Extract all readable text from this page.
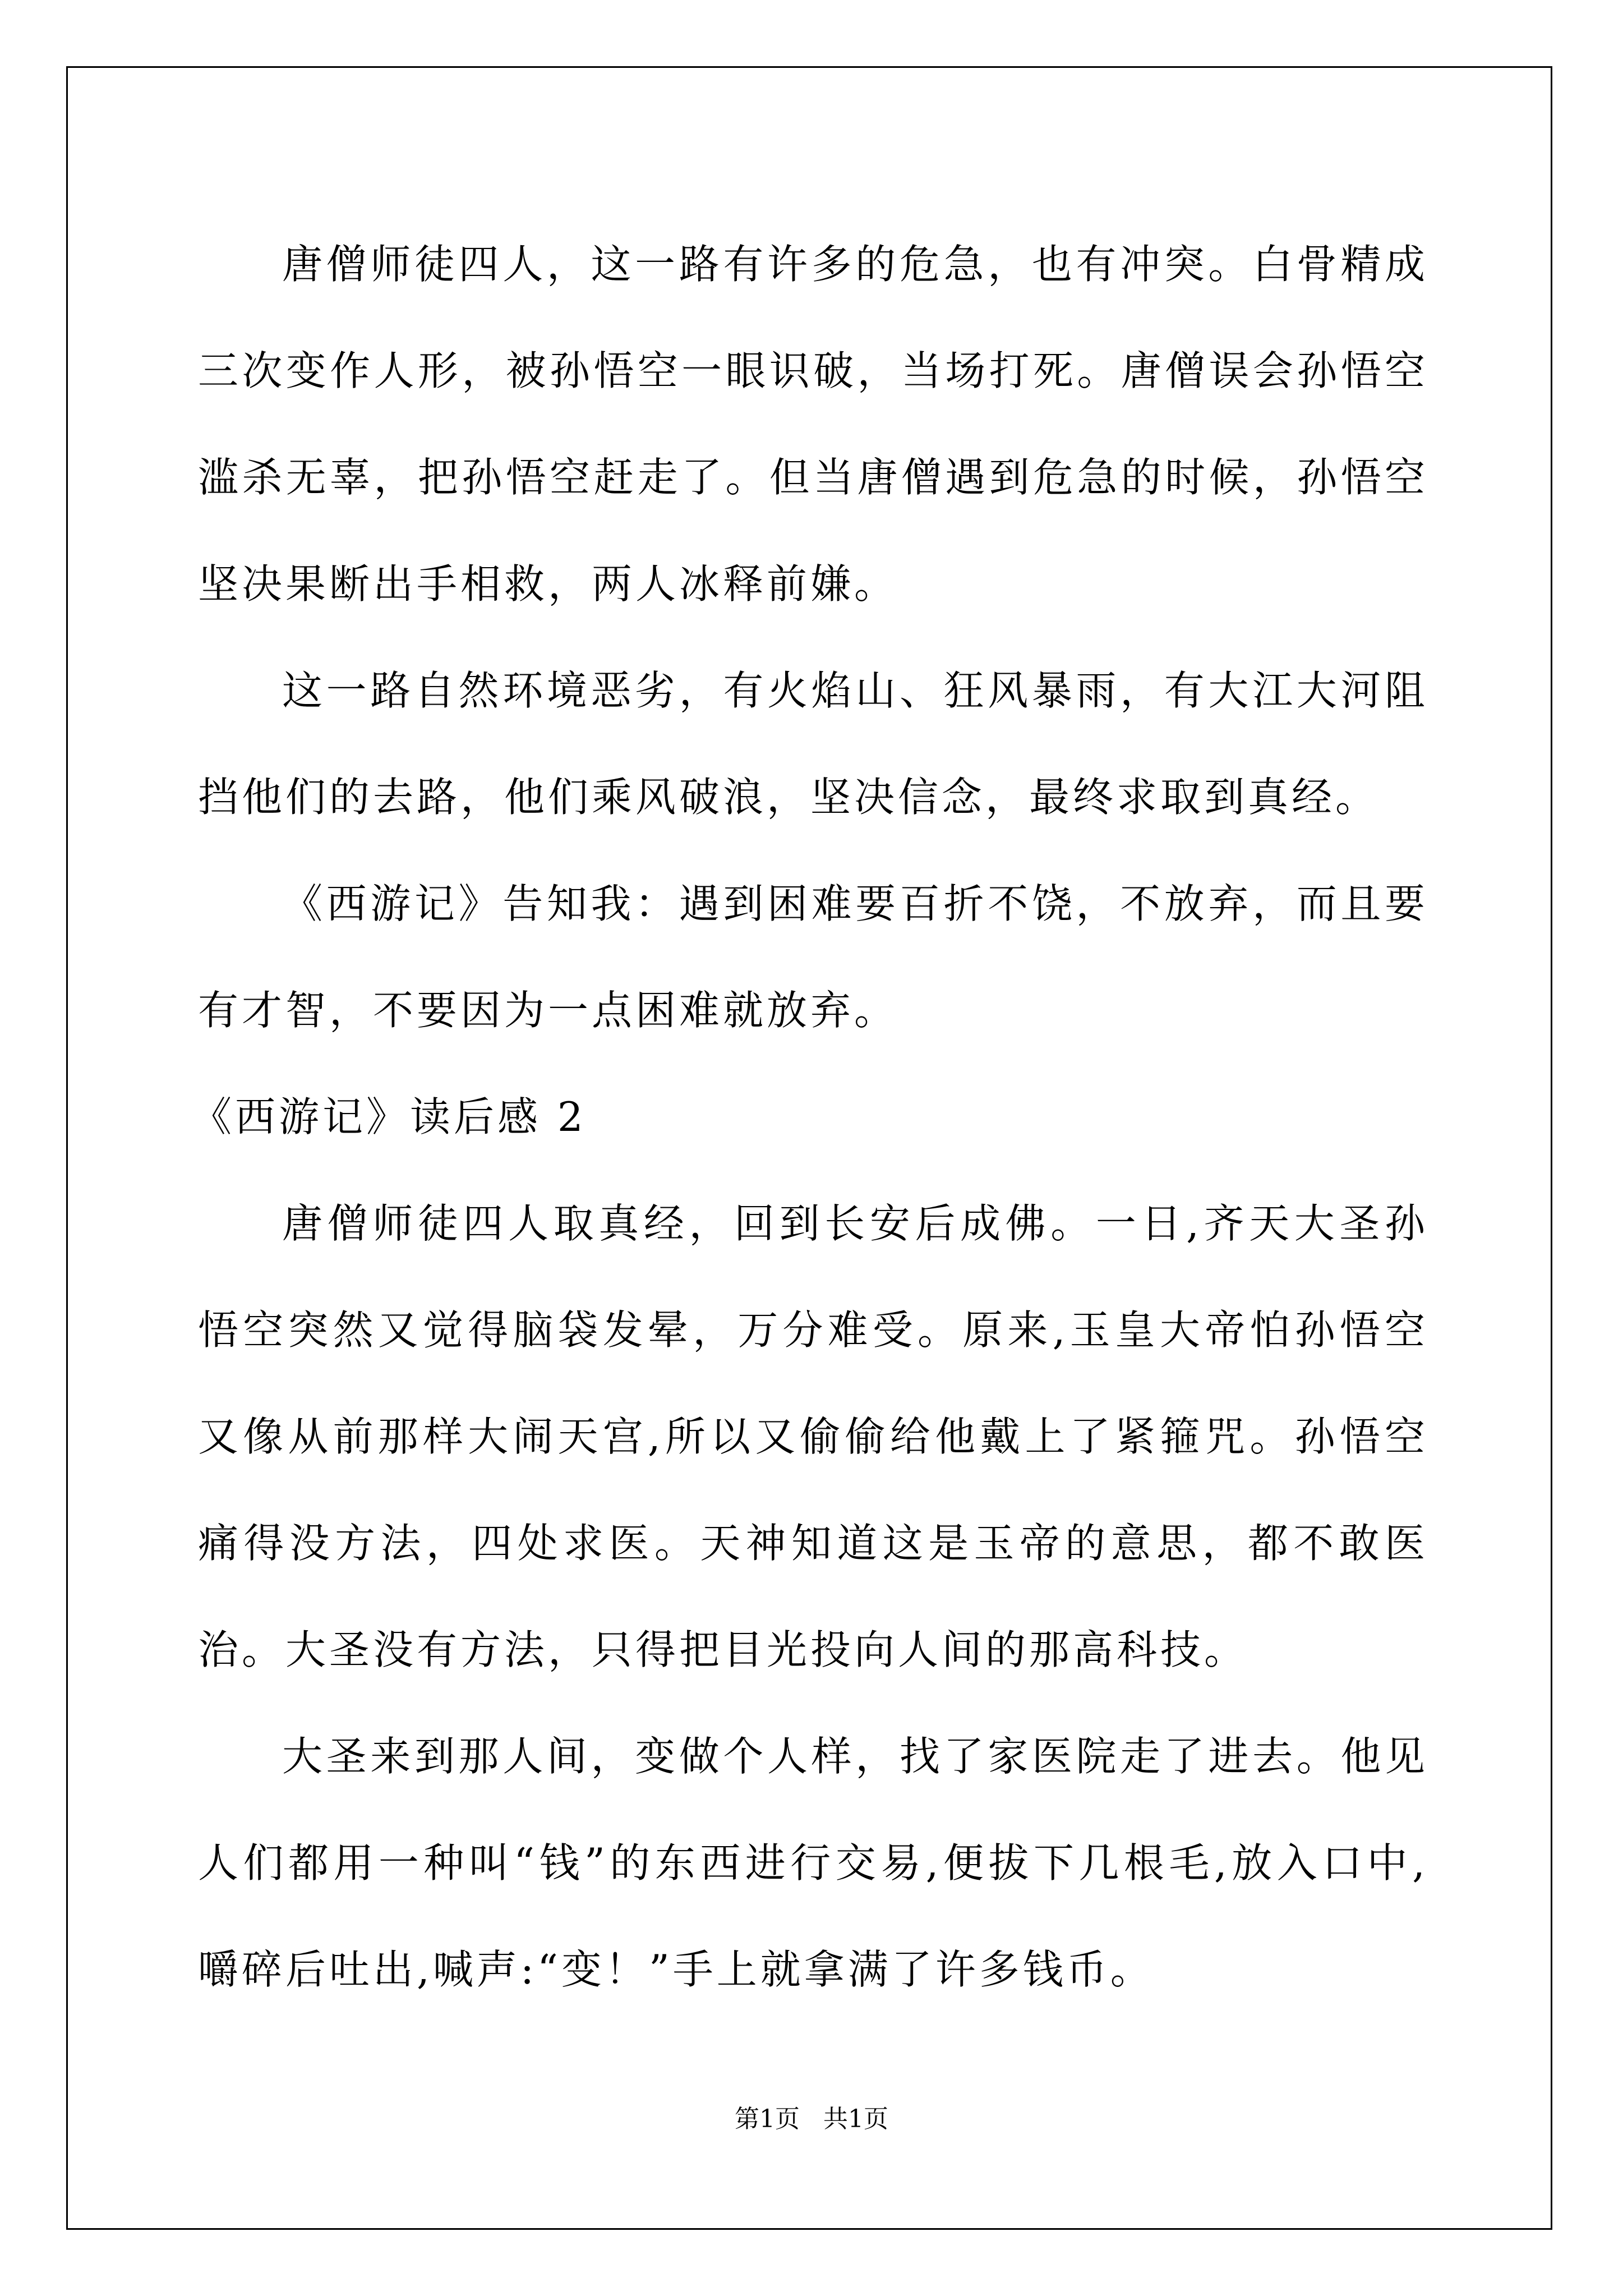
唐僧师徒四人，这一路有许多的危急，也有冲突。白骨精成三次变作人形，被孙悟空一眼识破，当场打死。唐僧误会孙悟空滥杀无辜，把孙悟空赶走了。但当唐僧遇到危急的时候，孙悟空坚决果断出手相救，两人冰释前嫌。

这一路自然环境恶劣，有火焰山、狂风暴雨，有大江大河阻挡他们的去路，他们乘风破浪，坚决信念，最终求取到真经。

《西游记》告知我：遇到困难要百折不饶，不放弃，而且要有才智，不要因为一点困难就放弃。

《西游记》读后感 2

唐僧师徒四人取真经，回到长安后成佛。一日,齐天大圣孙悟空突然又觉得脑袋发晕，万分难受。原来,玉皇大帝怕孙悟空又像从前那样大闹天宫,所以又偷偷给他戴上了紧箍咒。孙悟空痛得没方法，四处求医。天神知道这是玉帝的意思，都不敢医治。大圣没有方法，只得把目光投向人间的那高科技。

大圣来到那人间，变做个人样，找了家医院走了进去。他见人们都用一种叫“钱”的东西进行交易,便拔下几根毛,放入口中,嚼碎后吐出,喊声:“变！”手上就拿满了许多钱币。

第1页   共1页
